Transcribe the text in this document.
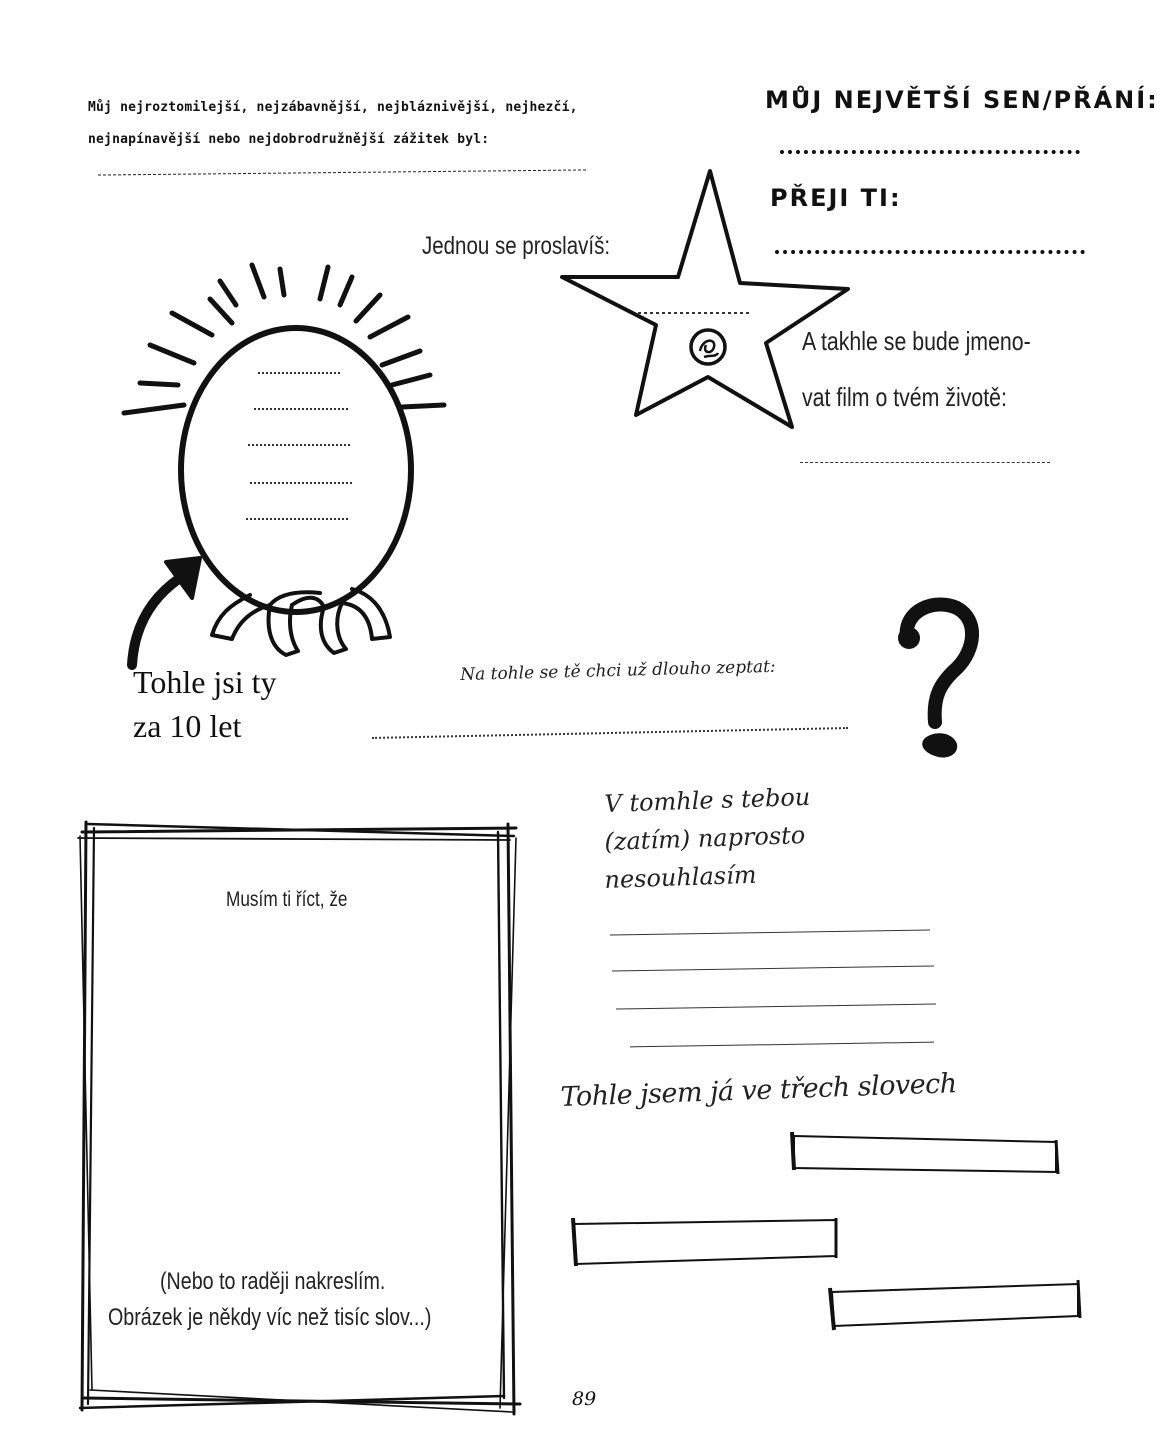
Můj nejroztomilejší, nejzábavnější, nejbláznivější, nejhezčí,
nejnapínavější nebo nejdobrodružnější zážitek byl:
MŮJ NEJVĚTŠÍ SEN/PŘÁNÍ:
PŘEJI TI:
Jednou se proslavíš:
A takhle se bude jmeno-
vat film o tvém životě:
Tohle jsi ty
za 10 let
Na tohle se tě chci už dlouho zeptat:
Musím ti říct, že
(Nebo to raději nakreslím.
Obrázek je někdy víc než tisíc slov...)
V tomhle s tebou
(zatím) naprosto
nesouhlasím
Tohle jsem já ve třech slovech
89
